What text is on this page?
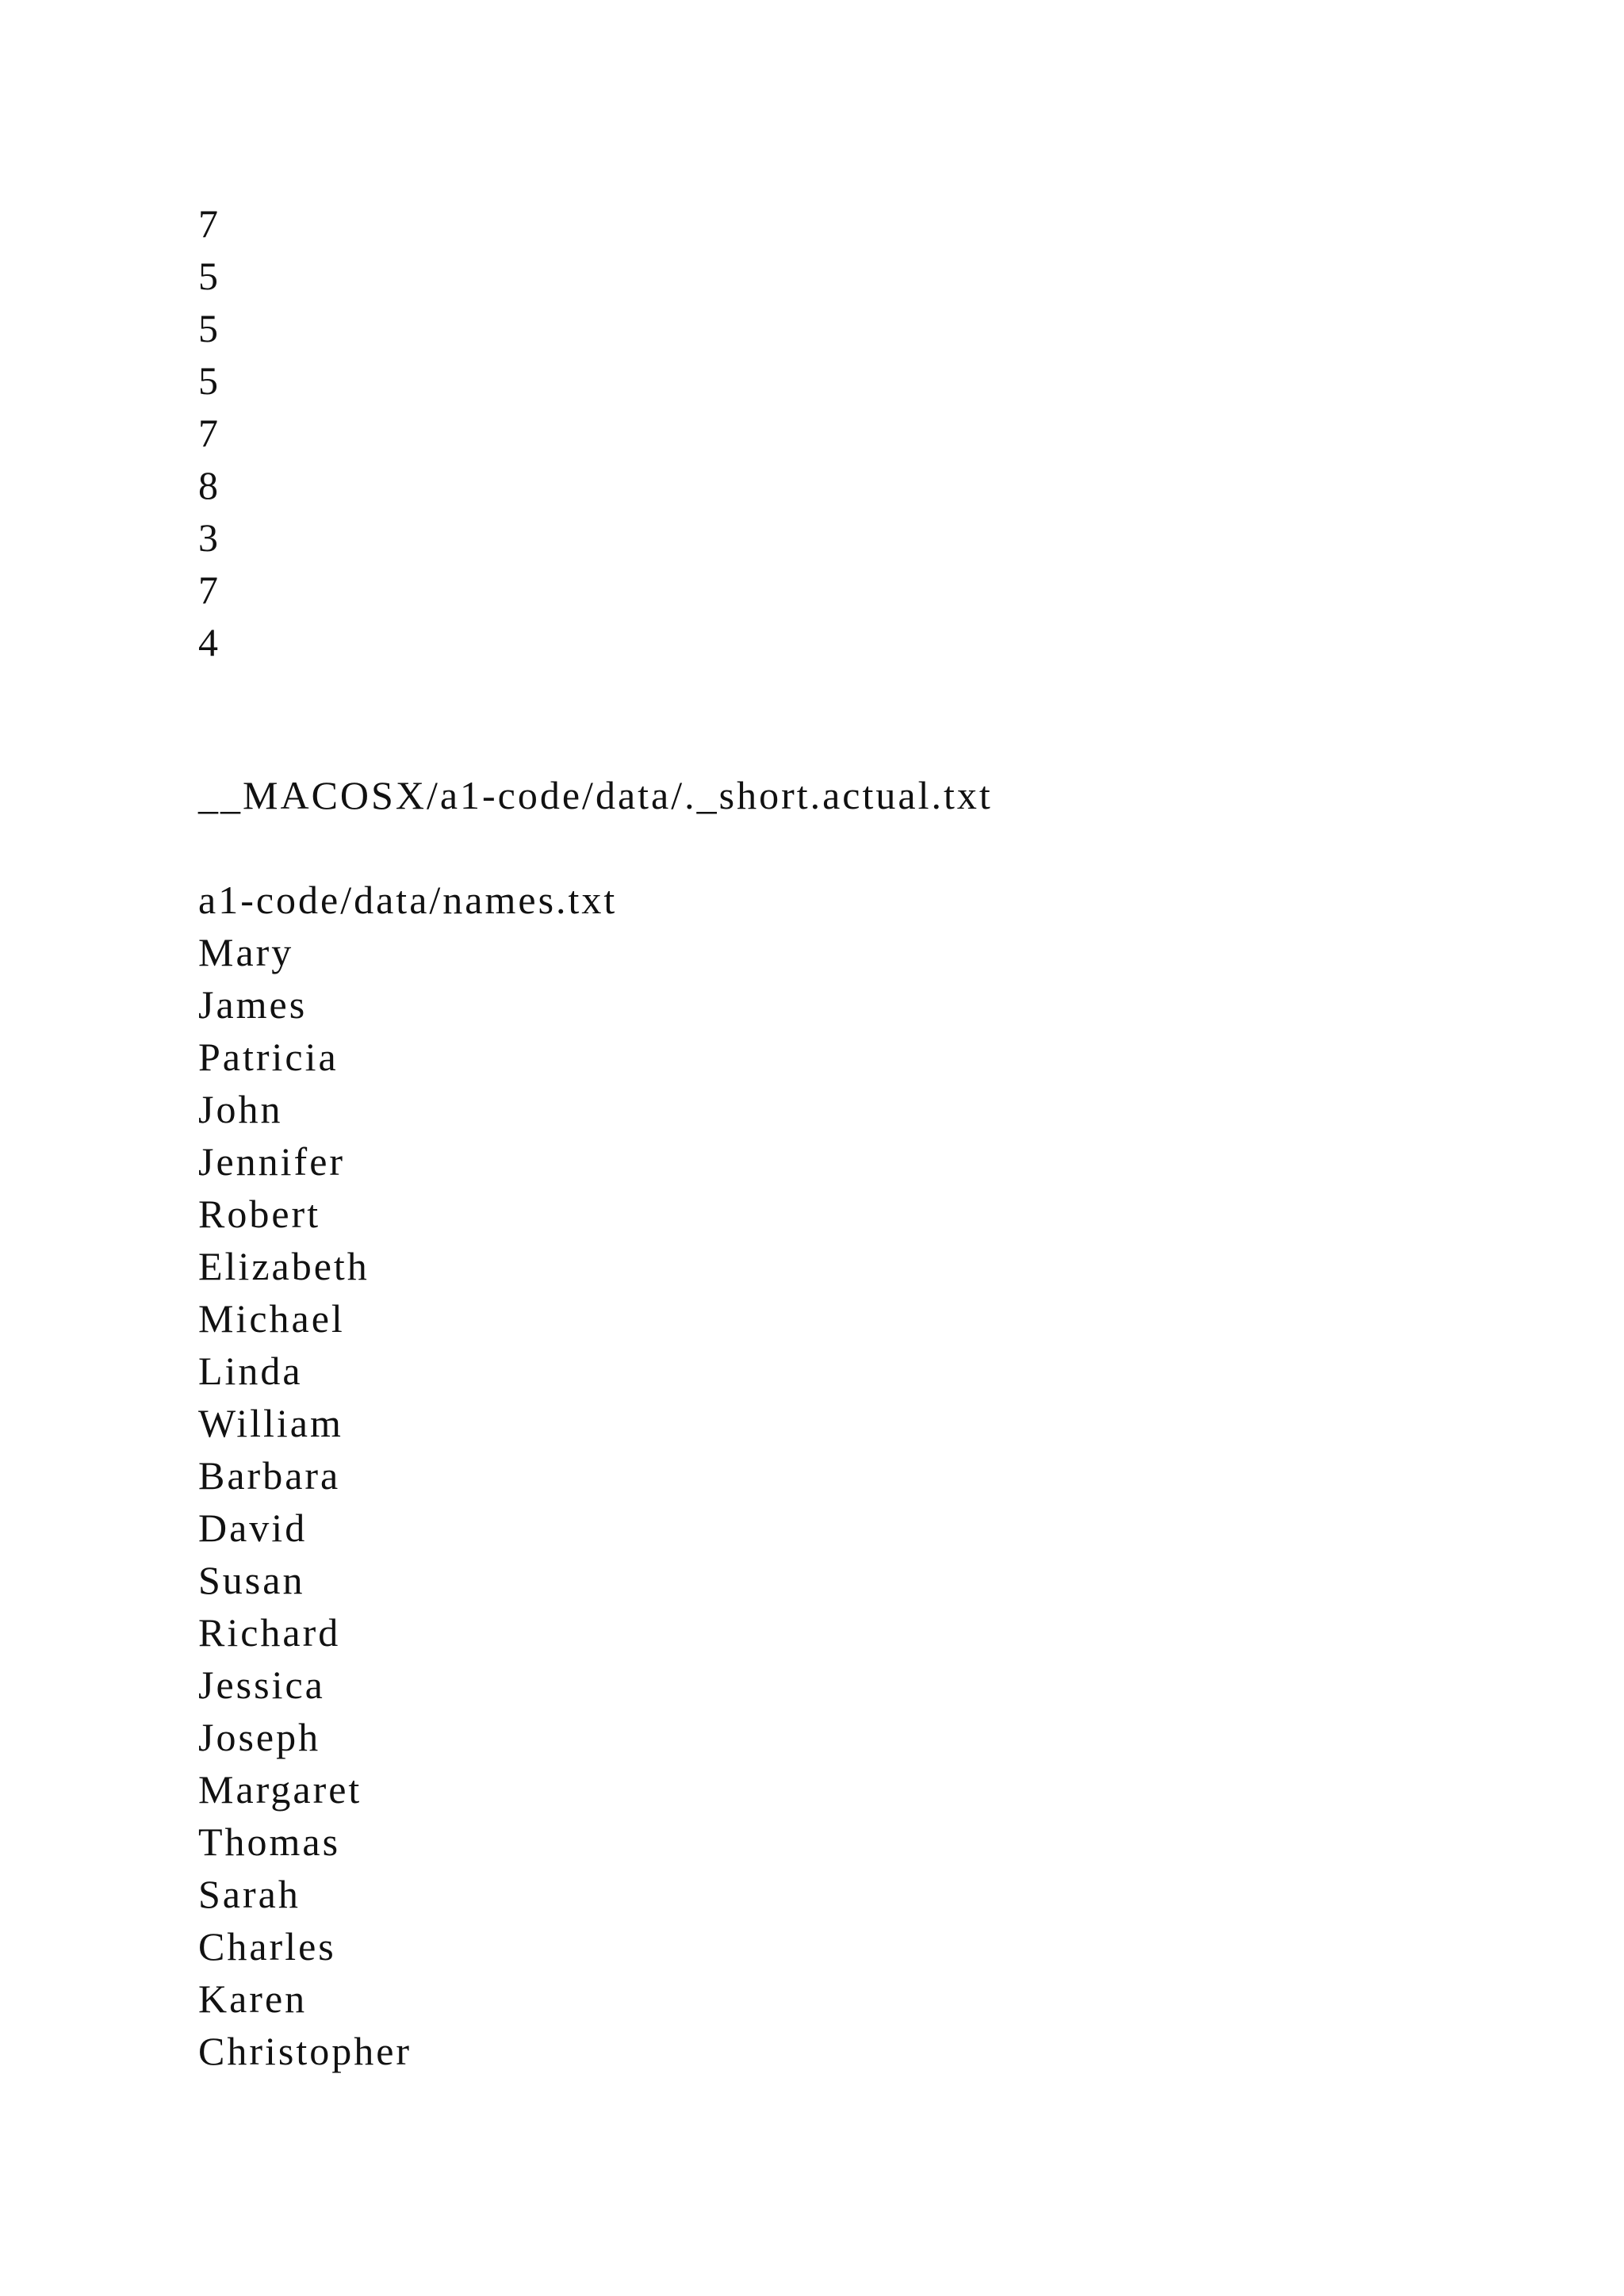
7
5
5
5
7
8
3
7
4
__MACOSX/a1-code/data/._short.actual.txt
a1-code/data/names.txt
Mary
James
Patricia
John
Jennifer
Robert
Elizabeth
Michael
Linda
William
Barbara
David
Susan
Richard
Jessica
Joseph
Margaret
Thomas
Sarah
Charles
Karen
Christopher
